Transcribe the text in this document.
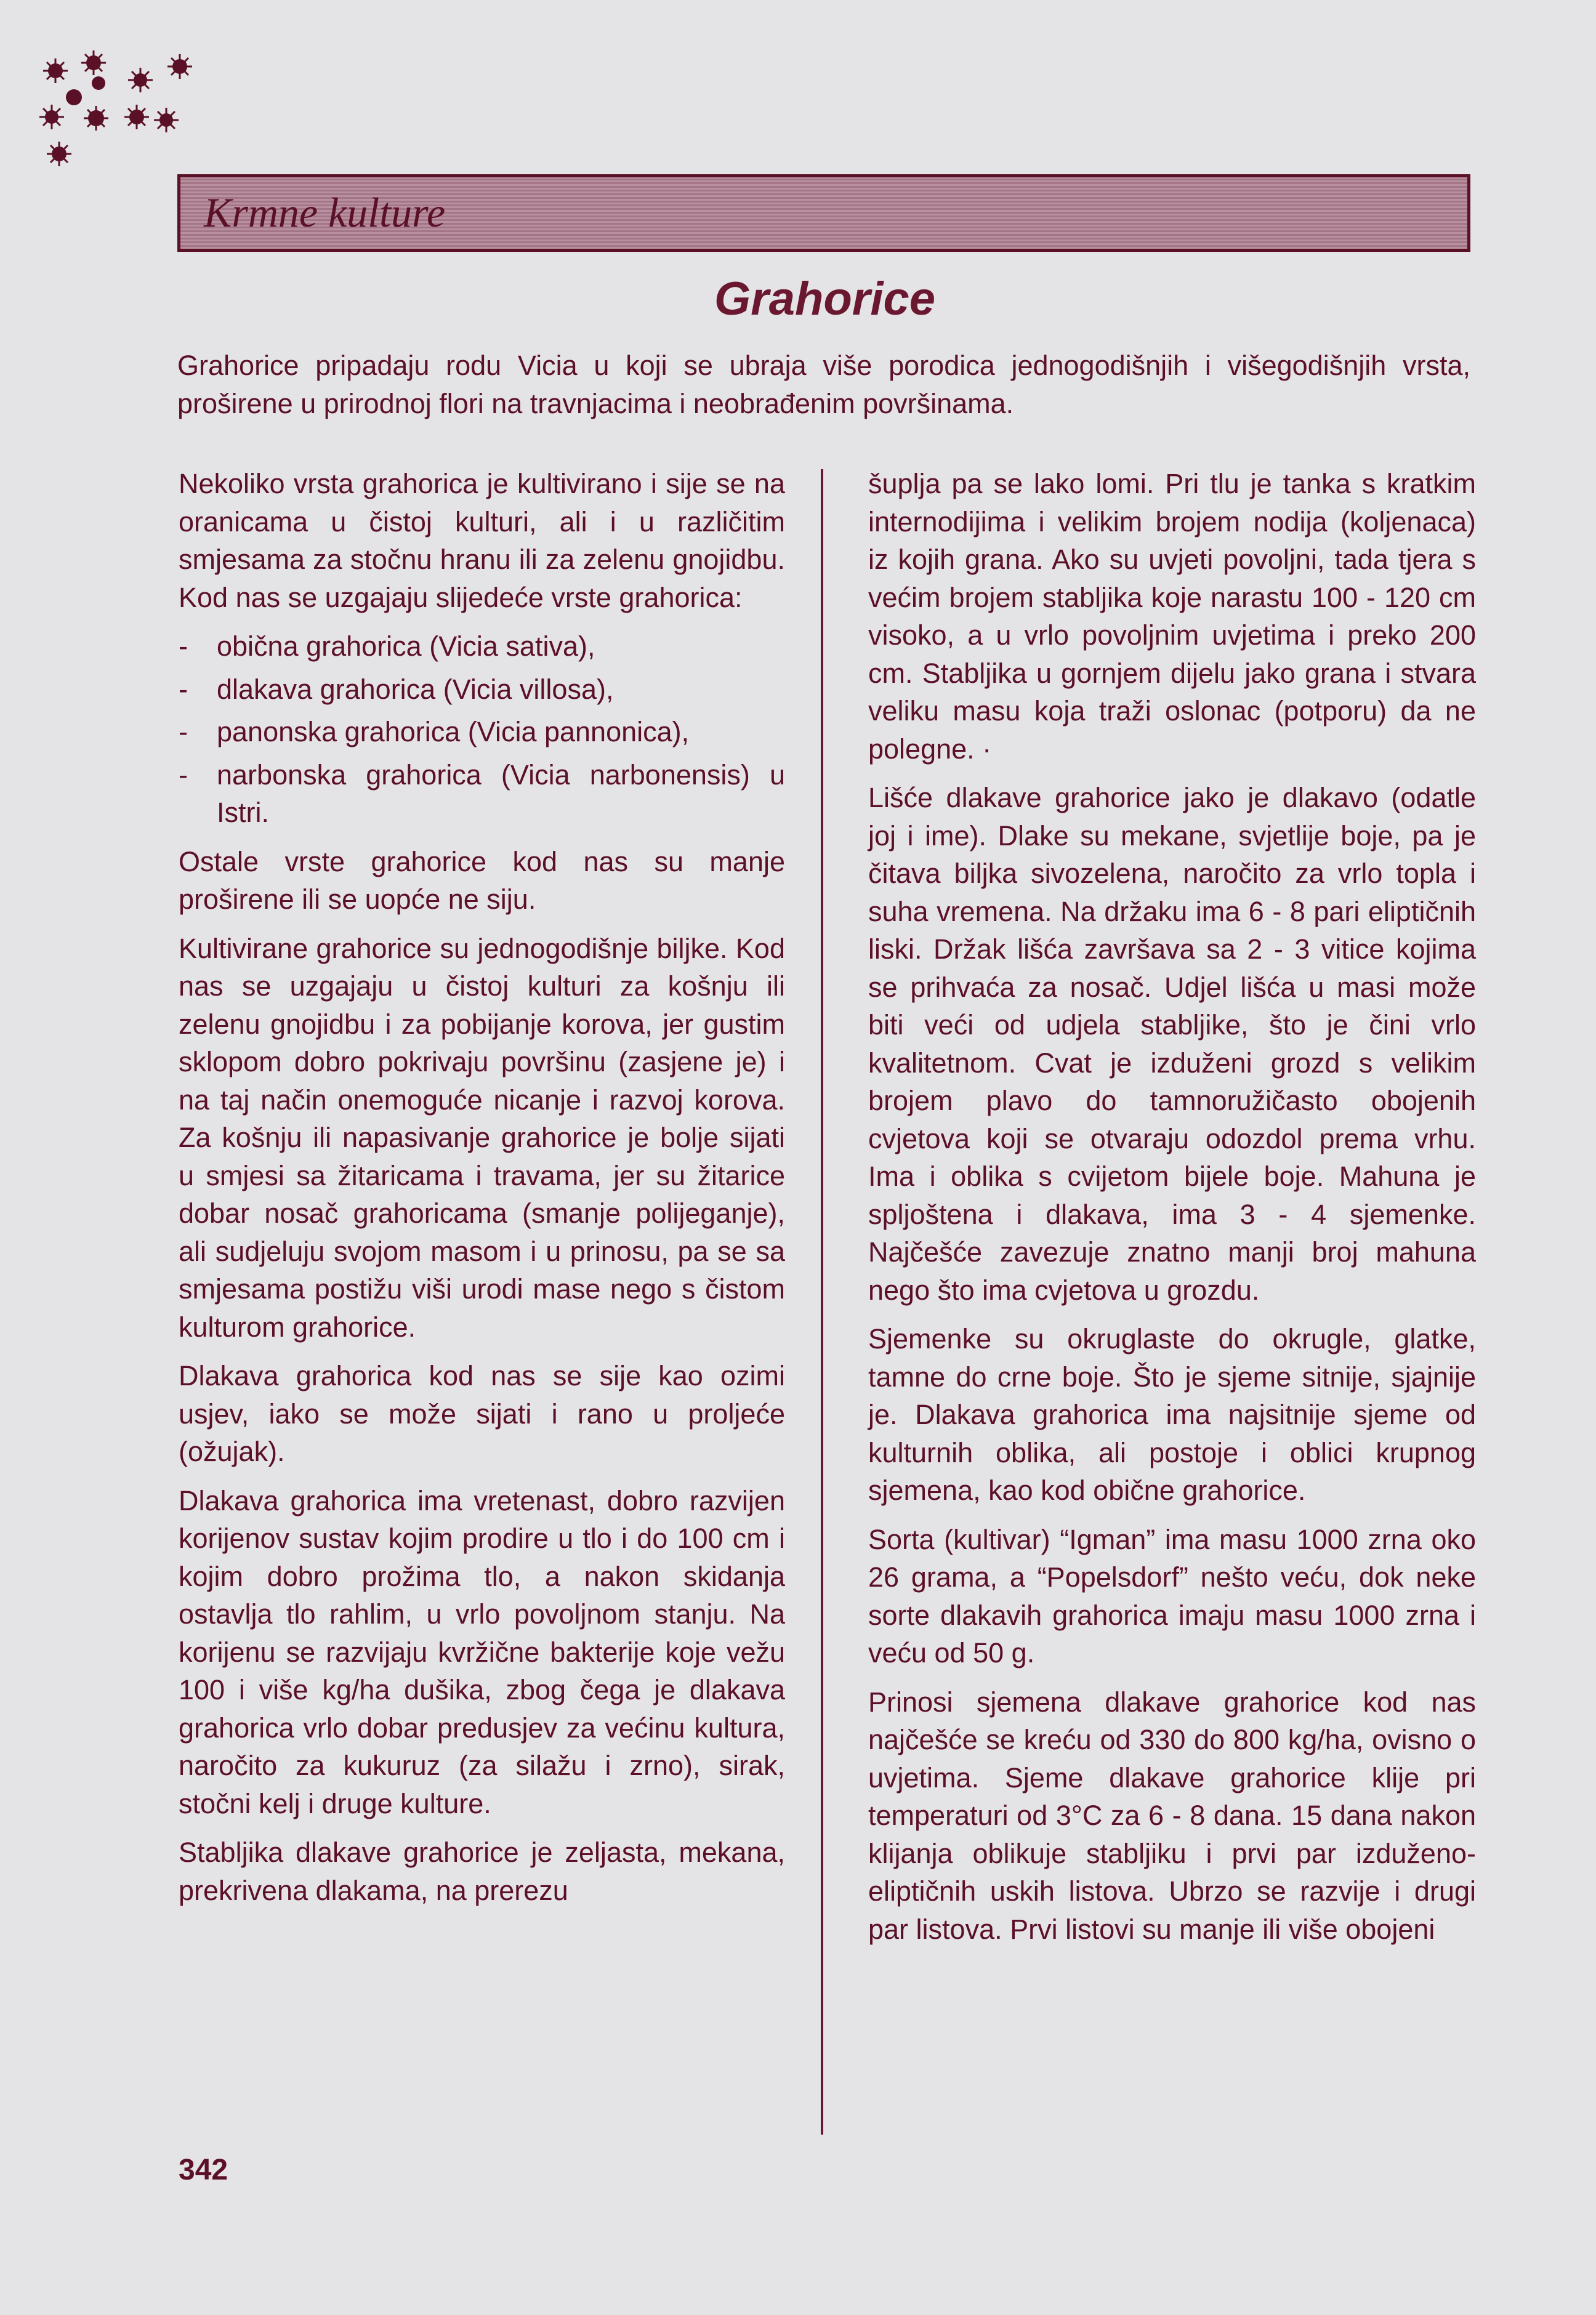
Krmne kulture
Grahorice
Grahorice pripadaju rodu Vicia u koji se ubraja više porodica jednogodišnjih i višegodišnjih vrsta, proširene u prirodnoj flori na travnjacima i neobrađenim površinama.

Nekoliko vrsta grahorica je kultivirano i sije se na oranicama u čistoj kulturi, ali i u različitim smjesama za stočnu hranu ili za zelenu gnojidbu. Kod nas se uzgajaju slijedeće vrste grahorica:

- obična grahorica (Vicia sativa),
- dlakava grahorica (Vicia villosa),
- panonska grahorica (Vicia pannonica),
- narbonska grahorica (Vicia narbonensis) u Istri.

Ostale vrste grahorice kod nas su manje proširene ili se uopće ne siju.

Kultivirane grahorice su jednogodišnje biljke. Kod nas se uzgajaju u čistoj kulturi za košnju ili zelenu gnojidbu i za pobijanje korova, jer gustim sklopom dobro pokrivaju površinu (zasjene je) i na taj način onemoguće nicanje i razvoj korova. Za košnju ili napasivanje grahorice je bolje sijati u smjesi sa žitaricama i travama, jer su žitarice dobar nosač grahoricama (smanje polijeganje), ali sudjeluju svojom masom i u prinosu, pa se sa smjesama postižu viši urodi mase nego s čistom kulturom grahorice.

Dlakava grahorica kod nas se sije kao ozimi usjev, iako se može sijati i rano u proljeće (ožujak).

Dlakava grahorica ima vretenast, dobro razvijen korijenov sustav kojim prodire u tlo i do 100 cm i kojim dobro prožima tlo, a nakon skidanja ostavlja tlo rahlim, u vrlo povoljnom stanju. Na korijenu se razvijaju kvržične bakterije koje vežu 100 i više kg/ha dušika, zbog čega je dlakava grahorica vrlo dobar predusjev za većinu kultura, naročito za kukuruz (za silažu i zrno), sirak, stočni kelj i druge kulture.

Stabljika dlakave grahorice je zeljasta, mekana, prekrivena dlakama, na prerezu

šuplja pa se lako lomi. Pri tlu je tanka s kratkim internodijima i velikim brojem nodija (koljenaca) iz kojih grana. Ako su uvjeti povoljni, tada tjera s većim brojem stabljika koje narastu 100 - 120 cm visoko, a u vrlo povoljnim uvjetima i preko 200 cm. Stabljika u gornjem dijelu jako grana i stvara veliku masu koja traži oslonac (potporu) da ne polegne. ·

Lišće dlakave grahorice jako je dlakavo (odatle joj i ime). Dlake su mekane, svjetlije boje, pa je čitava biljka sivozelena, naročito za vrlo topla i suha vremena. Na držaku ima 6 - 8 pari eliptičnih liski. Držak lišća završava sa 2 - 3 vitice kojima se prihvaća za nosač. Udjel lišća u masi može biti veći od udjela stabljike, što je čini vrlo kvalitetnom. Cvat je izduženi grozd s velikim brojem plavo do tamnoružičasto obojenih cvjetova koji se otvaraju odozdol prema vrhu. Ima i oblika s cvijetom bijele boje. Mahuna je spljoštena i dlakava, ima 3 - 4 sjemenke. Najčešće zavezuje znatno manji broj mahuna nego što ima cvjetova u grozdu.

Sjemenke su okruglaste do okrugle, glatke, tamne do crne boje. Što je sjeme sitnije, sjajnije je. Dlakava grahorica ima najsitnije sjeme od kulturnih oblika, ali postoje i oblici krupnog sjemena, kao kod obične grahorice.

Sorta (kultivar) “Igman” ima masu 1000 zrna oko 26 grama, a “Popelsdorf” nešto veću, dok neke sorte dlakavih grahorica imaju masu 1000 zrna i veću od 50 g.

Prinosi sjemena dlakave grahorice kod nas najčešće se kreću od 330 do 800 kg/ha, ovisno o uvjetima. Sjeme dlakave grahorice klije pri temperaturi od 3°C za 6 - 8 dana. 15 dana nakon klijanja oblikuje stabljiku i prvi par izduženo-eliptičnih uskih listova. Ubrzo se razvije i drugi par listova. Prvi listovi su manje ili više obojeni

342
